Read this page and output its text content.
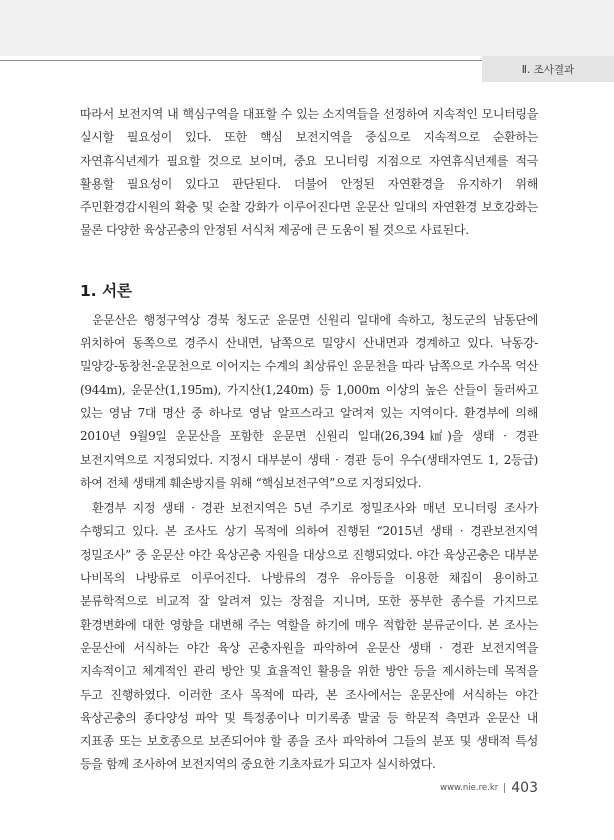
Ⅱ. 조사결과

따라서 보전지역 내 핵심구역을 대표할 수 있는 소지역들을 선정하여 지속적인 모니터링을 실시할 필요성이 있다. 또한 핵심 보전지역을 중심으로 지속적으로 순환하는 자연휴식년제가 필요할 것으로 보이며, 중요 모니터링 지점으로 자연휴식년제를 적극 활용할 필요성이 있다고 판단된다. 더불어 안정된 자연환경을 유지하기 위해 주민환경감시원의 확충 및 순찰 강화가 이루어진다면 운문산 일대의 자연환경 보호강화는 물론 다양한 육상곤충의 안정된 서식처 제공에 큰 도움이 될 것으로 사료된다.

1. 서론

운문산은 행정구역상 경북 청도군 운문면 신원리 일대에 속하고, 청도군의 남동단에 위치하여 동쪽으로 경주시 산내면, 남쪽으로 밀양시 산내면과 경계하고 있다. 낙동강-밀양강-동창천-운문천으로 이어지는 수계의 최상류인 운문천을 따라 남쪽으로 가수목 억산(944m), 운문산(1,195m), 가지산(1,240m) 등 1,000m 이상의 높은 산들이 둘러싸고 있는 영남 7대 명산 중 하나로 영남 알프스라고 알려져 있는 지역이다. 환경부에 의해 2010년 9월9일 운문산을 포함한 운문면 신원리 일대(26,394㎢)을 생태 · 경관 보전지역으로 지정되었다. 지정시 대부분이 생태 · 경관 등이 우수(생태자연도 1, 2등급)하여 전체 생태계 훼손방지를 위해 “핵심보전구역”으로 지정되었다.

환경부 지정 생태 · 경관 보전지역은 5년 주기로 정밀조사와 매년 모니터링 조사가 수행되고 있다. 본 조사도 상기 목적에 의하여 진행된 “2015년 생태 · 경관보전지역 정밀조사” 중 운문산 야간 육상곤충 자원을 대상으로 진행되었다. 야간 육상곤충은 대부분 나비목의 나방류로 이루어진다. 나방류의 경우 유아등을 이용한 채집이 용이하고 분류학적으로 비교적 잘 알려져 있는 장점을 지니며, 또한 풍부한 종수를 가지므로 환경변화에 대한 영향을 대변해 주는 역할을 하기에 매우 적합한 분류군이다. 본 조사는 운문산에 서식하는 야간 육상 곤충자원을 파악하여 운문산 생태 · 경관 보전지역을 지속적이고 체계적인 관리 방안 및 효율적인 활용을 위한 방안 등을 제시하는데 목적을 두고 진행하였다. 이러한 조사 목적에 따라, 본 조사에서는 운문산에 서식하는 야간 육상곤충의 종다양성 파악 및 특정종이나 미기록종 발굴 등 학문적 측면과 운문산 내 지표종 또는 보호종으로 보존되어야 할 종을 조사 파악하여 그들의 분포 및 생태적 특성 등을 함께 조사하여 보전지역의 중요한 기초자료가 되고자 실시하였다.

www.nie.re.kr 403
